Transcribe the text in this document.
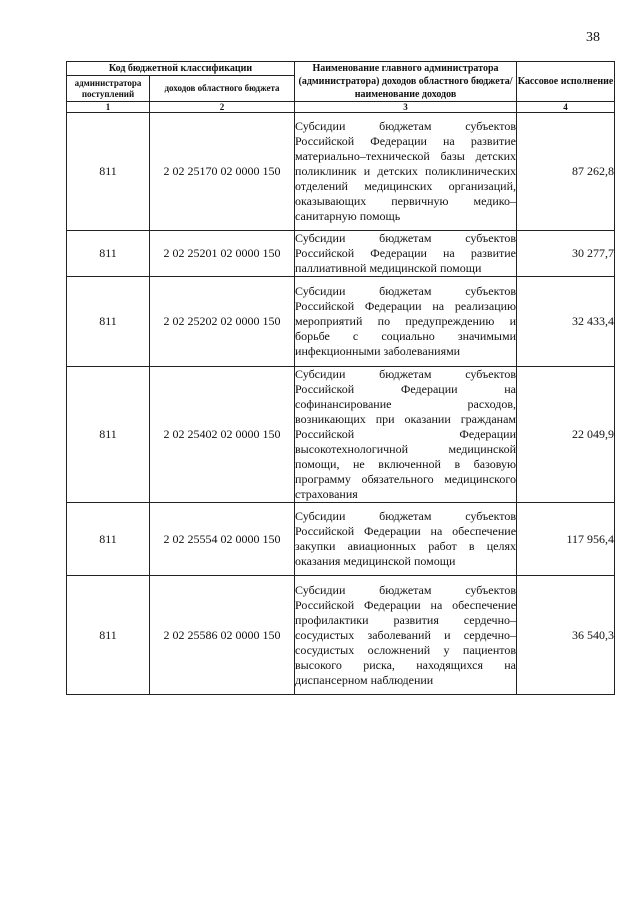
38
Код бюджетной классификации		Наименование главного администратора (администратора) доходов областного бюджета/ наименование доходов	Кассовое исполнение
администратора поступлений	доходов областного бюджета		
1	2	3	4
811	2 02 25170 02 0000 150	Субсидии бюджетам субъектов Российской Федерации на развитие материально–технической базы детских поликлиник и детских поликлинических отделений медицинских организаций, оказывающих первичную медико–санитарную помощь	87 262,8
811	2 02 25201 02 0000 150	Субсидии бюджетам субъектов Российской Федерации на развитие паллиативной медицинской помощи	30 277,7
811	2 02 25202 02 0000 150	Субсидии бюджетам субъектов Российской Федерации на реализацию мероприятий по предупреждению и борьбе с социально значимыми инфекционными заболеваниями	32 433,4
811	2 02 25402 02 0000 150	Субсидии бюджетам субъектов Российской Федерации на софинансирование расходов, возникающих при оказании гражданам Российской Федерации высокотехнологичной медицинской помощи, не включенной в базовую программу обязательного медицинского страхования	22 049,9
811	2 02 25554 02 0000 150	Субсидии бюджетам субъектов Российской Федерации на обеспечение закупки авиационных работ в целях оказания медицинской помощи	117 956,4
811	2 02 25586 02 0000 150	Субсидии бюджетам субъектов Российской Федерации на обеспечение профилактики развития сердечно–сосудистых заболеваний и сердечно–сосудистых осложнений у пациентов высокого риска, находящихся на диспансерном наблюдении	36 540,3
